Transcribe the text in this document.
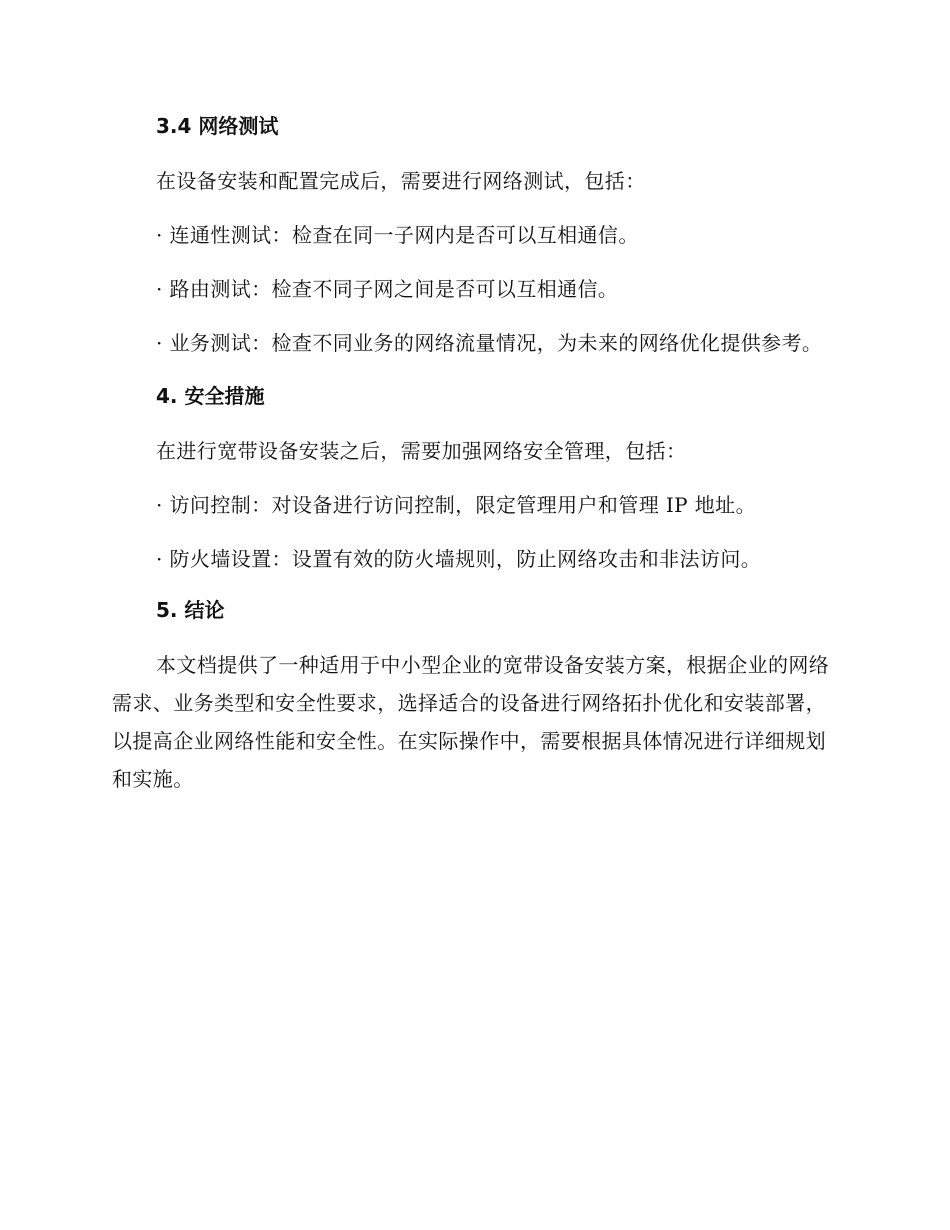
3.4 网络测试
在设备安装和配置完成后，需要进行网络测试，包括：
· 连通性测试：检查在同一子网内是否可以互相通信。
· 路由测试：检查不同子网之间是否可以互相通信。
· 业务测试：检查不同业务的网络流量情况，为未来的网络优化提供参考。
4. 安全措施
在进行宽带设备安装之后，需要加强网络安全管理，包括：
· 访问控制：对设备进行访问控制，限定管理用户和管理 IP 地址。
· 防火墙设置：设置有效的防火墙规则，防止网络攻击和非法访问。
5. 结论
本文档提供了一种适用于中小型企业的宽带设备安装方案，根据企业的网络需求、业务类型和安全性要求，选择适合的设备进行网络拓扑优化和安装部署，以提高企业网络性能和安全性。在实际操作中，需要根据具体情况进行详细规划和实施。
